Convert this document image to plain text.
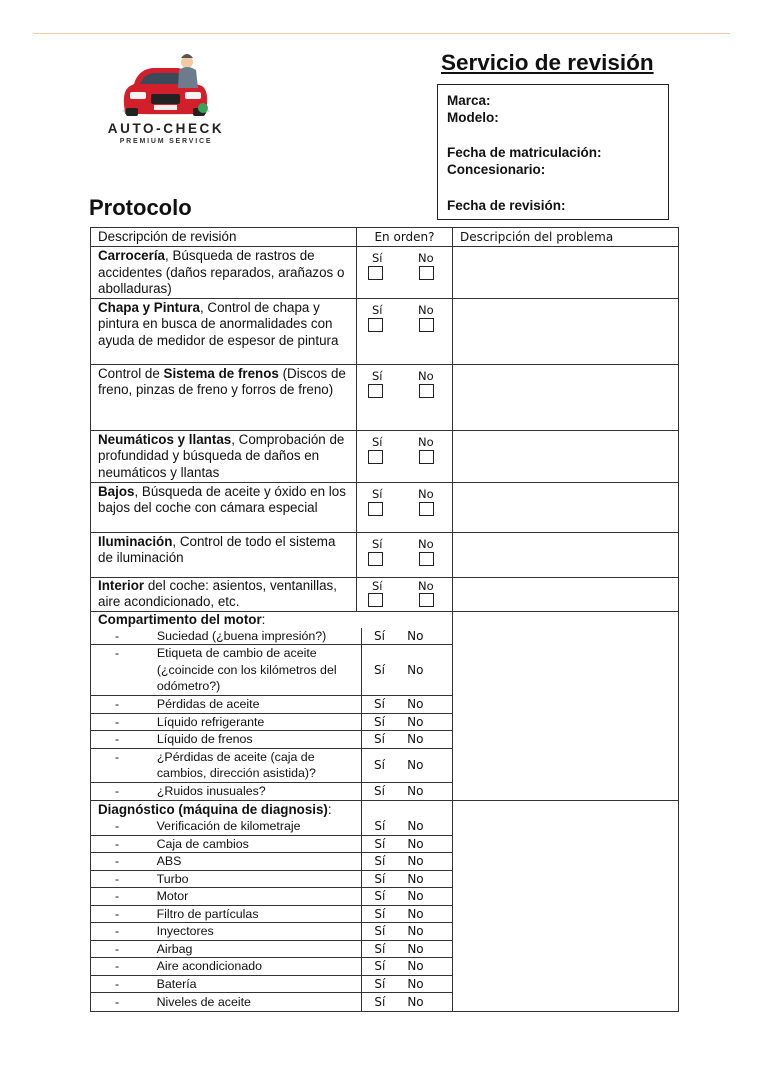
AUTO-CHECK
PREMIUM SERVICE
Servicio de revisión
Marca:
Modelo:
Fecha de matriculación:
Concesionario:
Fecha de revisión:
Protocolo
Descripción de revisión	En orden?	Descripción del problema
Carrocería, Búsqueda de rastros de accidentes (daños reparados, arañazos o abolladuras)	
Sí	No

Chapa y Pintura, Control de chapa y pintura en busca de anormalidades con ayuda de medidor de espesor de pintura	
Sí	No

Control de Sistema de frenos (Discos de freno, pinzas de freno y forros de freno)	
Sí	No

Neumáticos y llantas, Comprobación de profundidad y búsqueda de daños en neumáticos y llantas	
Sí	No

Bajos, Búsqueda de aceite y óxido en los bajos del coche con cámara especial	
Sí	No

Iluminación, Control de todo el sistema de iluminación	
Sí	No

Interior del coche: asientos, ventanillas, aire acondicionado, etc.	
Sí	No

Compartimento del motor:
-	Suciedad (¿buena impresión?)	Sí	No
-	Etiqueta de cambio de aceite (¿coincide con los kilómetros del odómetro?)	Sí	No
-	Pérdidas de aceite	Sí	No
-	Líquido refrigerante	Sí	No
-	Líquido de frenos	Sí	No
-	¿Pérdidas de aceite (caja de cambios, dirección asistida)?	Sí	No
-	¿Ruidos inusuales?	Sí	No

Diagnóstico (máquina de diagnosis):		
-	Verificación de kilometraje	Sí	No
-	Caja de cambios	Sí	No
-	ABS	Sí	No
-	Turbo	Sí	No
-	Motor	Sí	No
-	Filtro de partículas	Sí	No
-	Inyectores	Sí	No
-	Airbag	Sí	No
-	Aire acondicionado	Sí	No
-	Batería	Sí	No
-	Niveles de aceite	Sí	No
